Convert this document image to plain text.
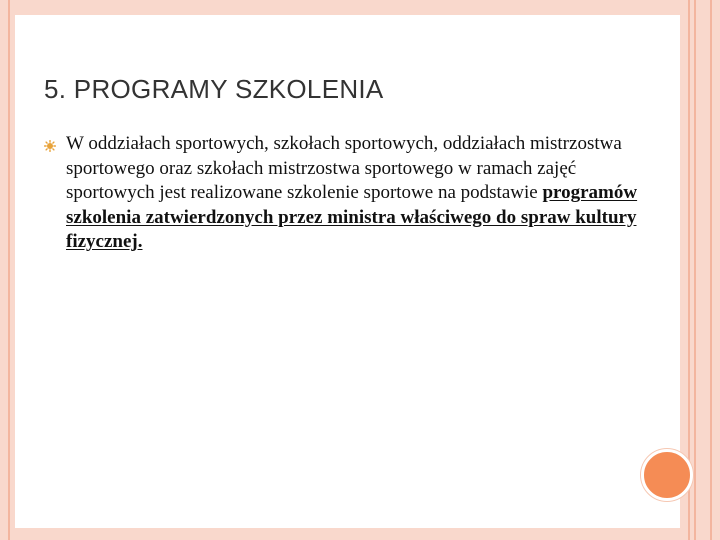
5. PROGRAMY SZKOLENIA

W oddziałach sportowych, szkołach sportowych, oddziałach mistrzostwa sportowego oraz szkołach mistrzostwa sportowego w ramach zajęć sportowych jest realizowane szkolenie sportowe na podstawie programów szkolenia zatwierdzonych przez ministra właściwego do spraw kultury fizycznej.
